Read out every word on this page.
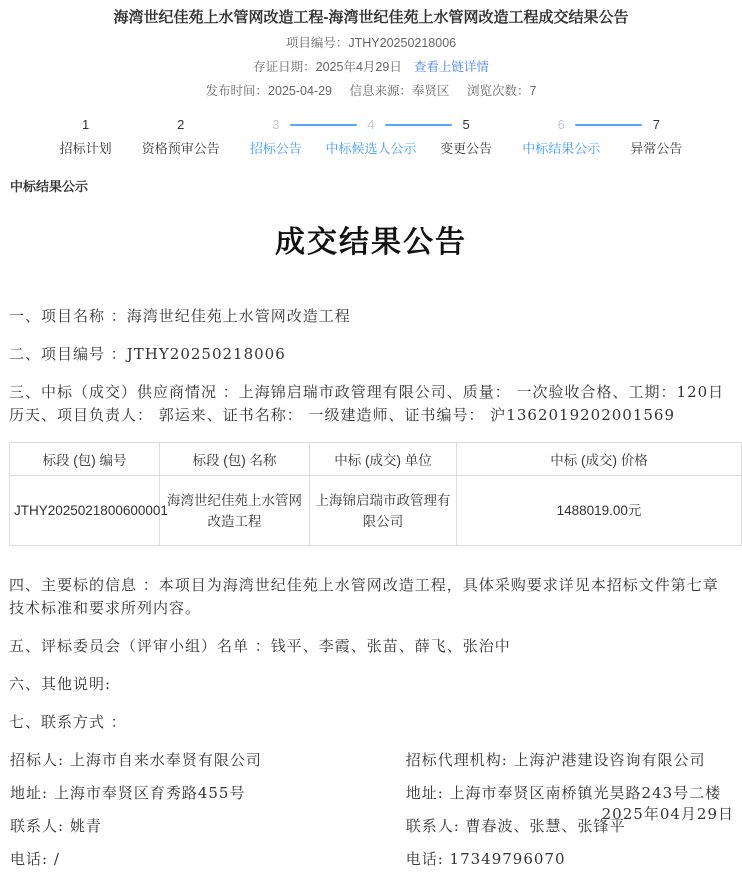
海湾世纪佳苑上水管网改造工程-海湾世纪佳苑上水管网改造工程成交结果公告
项目编号：JTHY20250218006
存证日期：2025年4月29日 查看上链详情
发布时间：2025-04-29 信息来源：奉贤区 浏览次数：7
1	2	3	4	5	6	7
招标计划	资格预审公告	招标公告	中标候选人公示	变更公告	中标结果公示	异常公告
中标结果公示
成交结果公告

一、项目名称 ：海湾世纪佳苑上水管网改造工程

二、项目编号 ：JTHY20250218006

三、中标（成交）供应商情况 ：上海锦启瑞市政管理有限公司、质量： 一次验收合格、工期：120日历天、项目负责人： 郭运来、证书名称： 一级建造师、证书编号： 沪1362019202001569

标段 (包) 编号	标段 (包) 名称	中标 (成交) 单位	中标 (成交) 价格
JTHY2025021800600001	海湾世纪佳苑上水管网改造工程	上海锦启瑞市政管理有限公司	1488019.00元

四、主要标的信息 ：本项目为海湾世纪佳苑上水管网改造工程，具体采购要求详见本招标文件第七章技术标准和要求所列内容。

五、评标委员会（评审小组）名单 ：钱平、李霞、张苗、薛飞、张治中

六、其他说明:

七、联系方式 ：

招标人: 上海市自来水奉贤有限公司
地址: 上海市奉贤区育秀路455号
联系人: 姚青
电话: /
招标代理机构: 上海沪港建设咨询有限公司
地址: 上海市奉贤区南桥镇光昊路243号二楼
联系人: 曹春波、张慧、张锋平
电话: 17349796070
2025年04月29日
